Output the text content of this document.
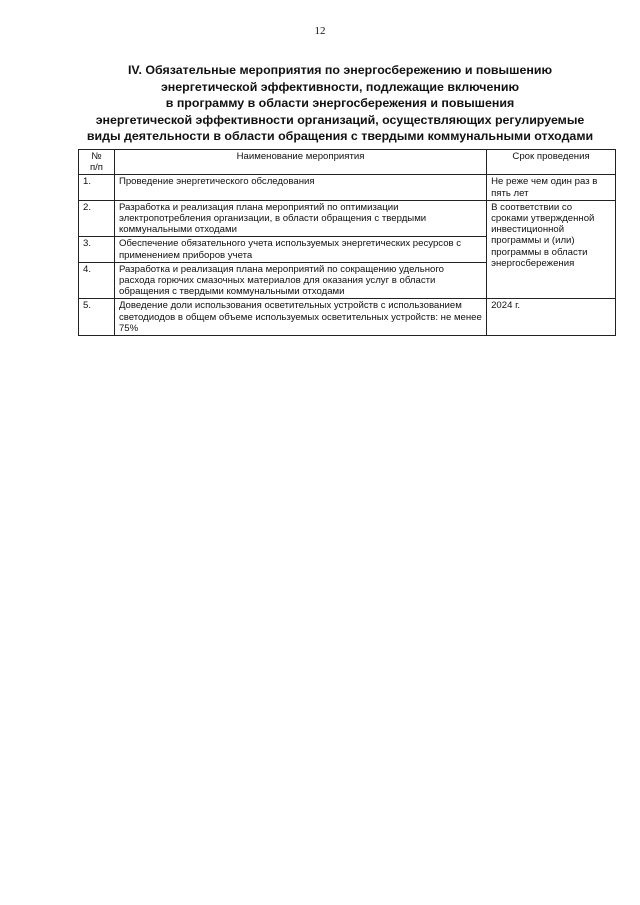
12
IV. Обязательные мероприятия по энергосбережению и повышению
энергетической эффективности, подлежащие включению
в программу в области энергосбережения и повышения
энергетической эффективности организаций, осуществляющих регулируемые
виды деятельности в области обращения с твердыми коммунальными отходами
№
п/п	Наименование мероприятия	Срок проведения
1.	Проведение энергетического обследования	Не реже чем один раз в пять лет
2.	Разработка и реализация плана мероприятий по оптимизации электропотребления организации, в области обращения с твердыми коммунальными отходами	В соответствии со сроками утвержденной инвестиционной программы и (или) программы в области энергосбережения
3.	Обеспечение обязательного учета используемых энергетических ресурсов с применением приборов учета	
4.	Разработка и реализация плана мероприятий по сокращению удельного расхода горючих смазочных материалов для оказания услуг в области обращения с твердыми коммунальными отходами	
5.	Доведение доли использования осветительных устройств с использованием светодиодов в общем объеме используемых осветительных устройств: не менее 75%	2024 г.
